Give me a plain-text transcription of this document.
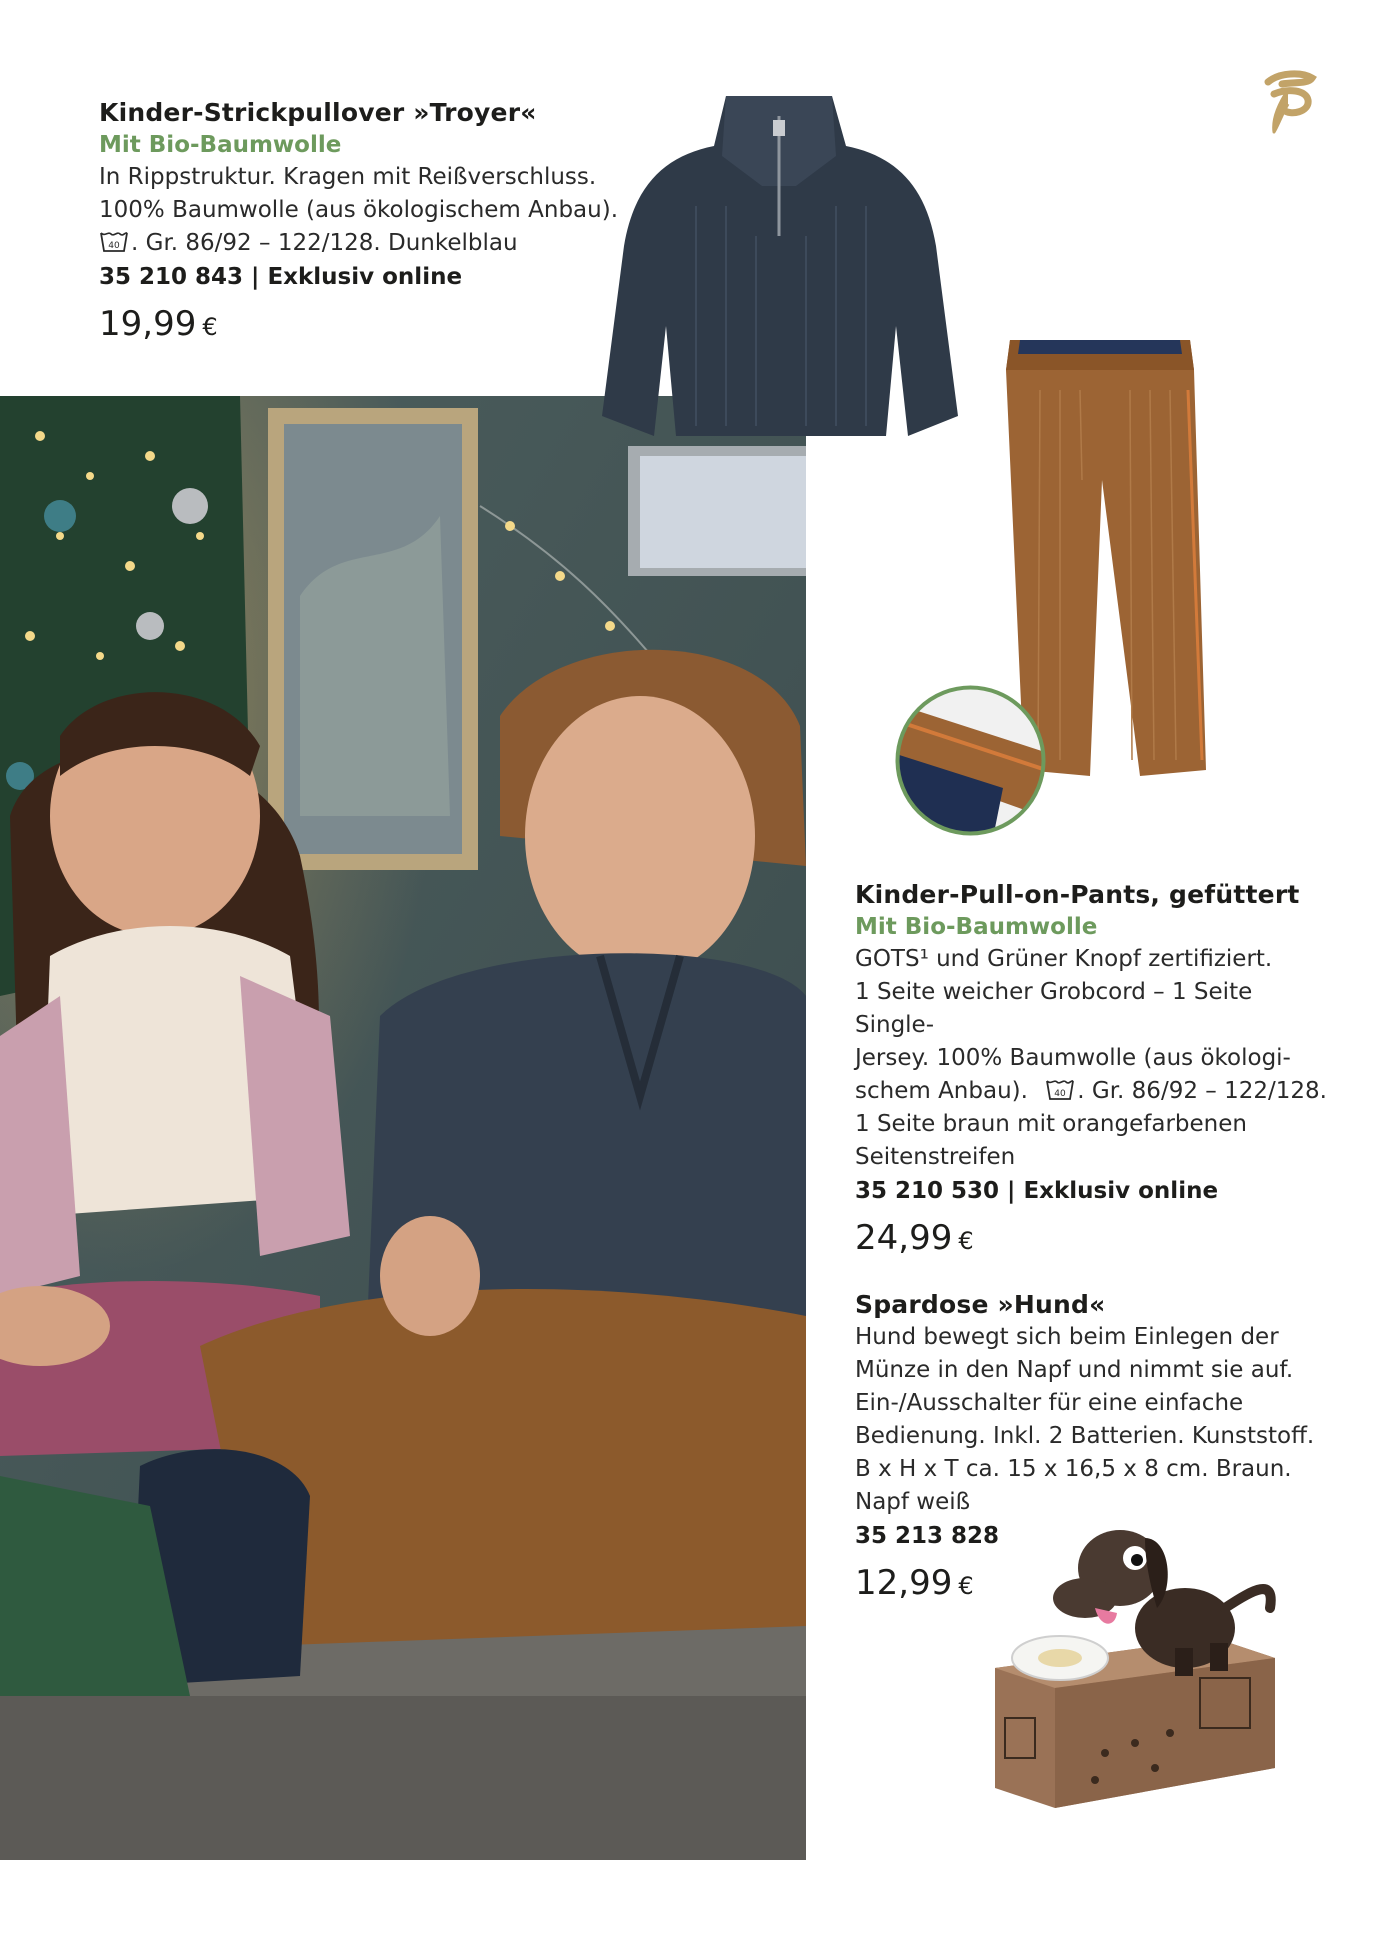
Kinder-Strickpullover »Troyer«
Mit Bio-Baumwolle
In Rippstruktur. Kragen mit Reißverschluss.
100% Baumwolle (aus ökologischem Anbau).
40 . Gr. 86/92 – 122/128. Dunkelblau
35 210 843 | Exklusiv online
19,99 €
Kinder-Pull-on-Pants, gefüttert
Mit Bio-Baumwolle
GOTS¹ und Grüner Knopf zertifiziert.
1 Seite weicher Grobcord – 1 Seite Single-
Jersey. 100% Baumwolle (aus ökologi-
schem Anbau).	40 . Gr. 86/92 – 122/128.
1 Seite braun mit orangefarbenen
Seitenstreifen
35 210 530 | Exklusiv online
24,99 €
Spardose »Hund«
Hund bewegt sich beim Einlegen der
Münze in den Napf und nimmt sie auf.
Ein-/Ausschalter für eine einfache
Bedienung. Inkl. 2 Batterien. Kunststoff.
B x H x T ca. 15 x 16,5 x 8 cm. Braun.
Napf weiß
35 213 828
12,99 €
